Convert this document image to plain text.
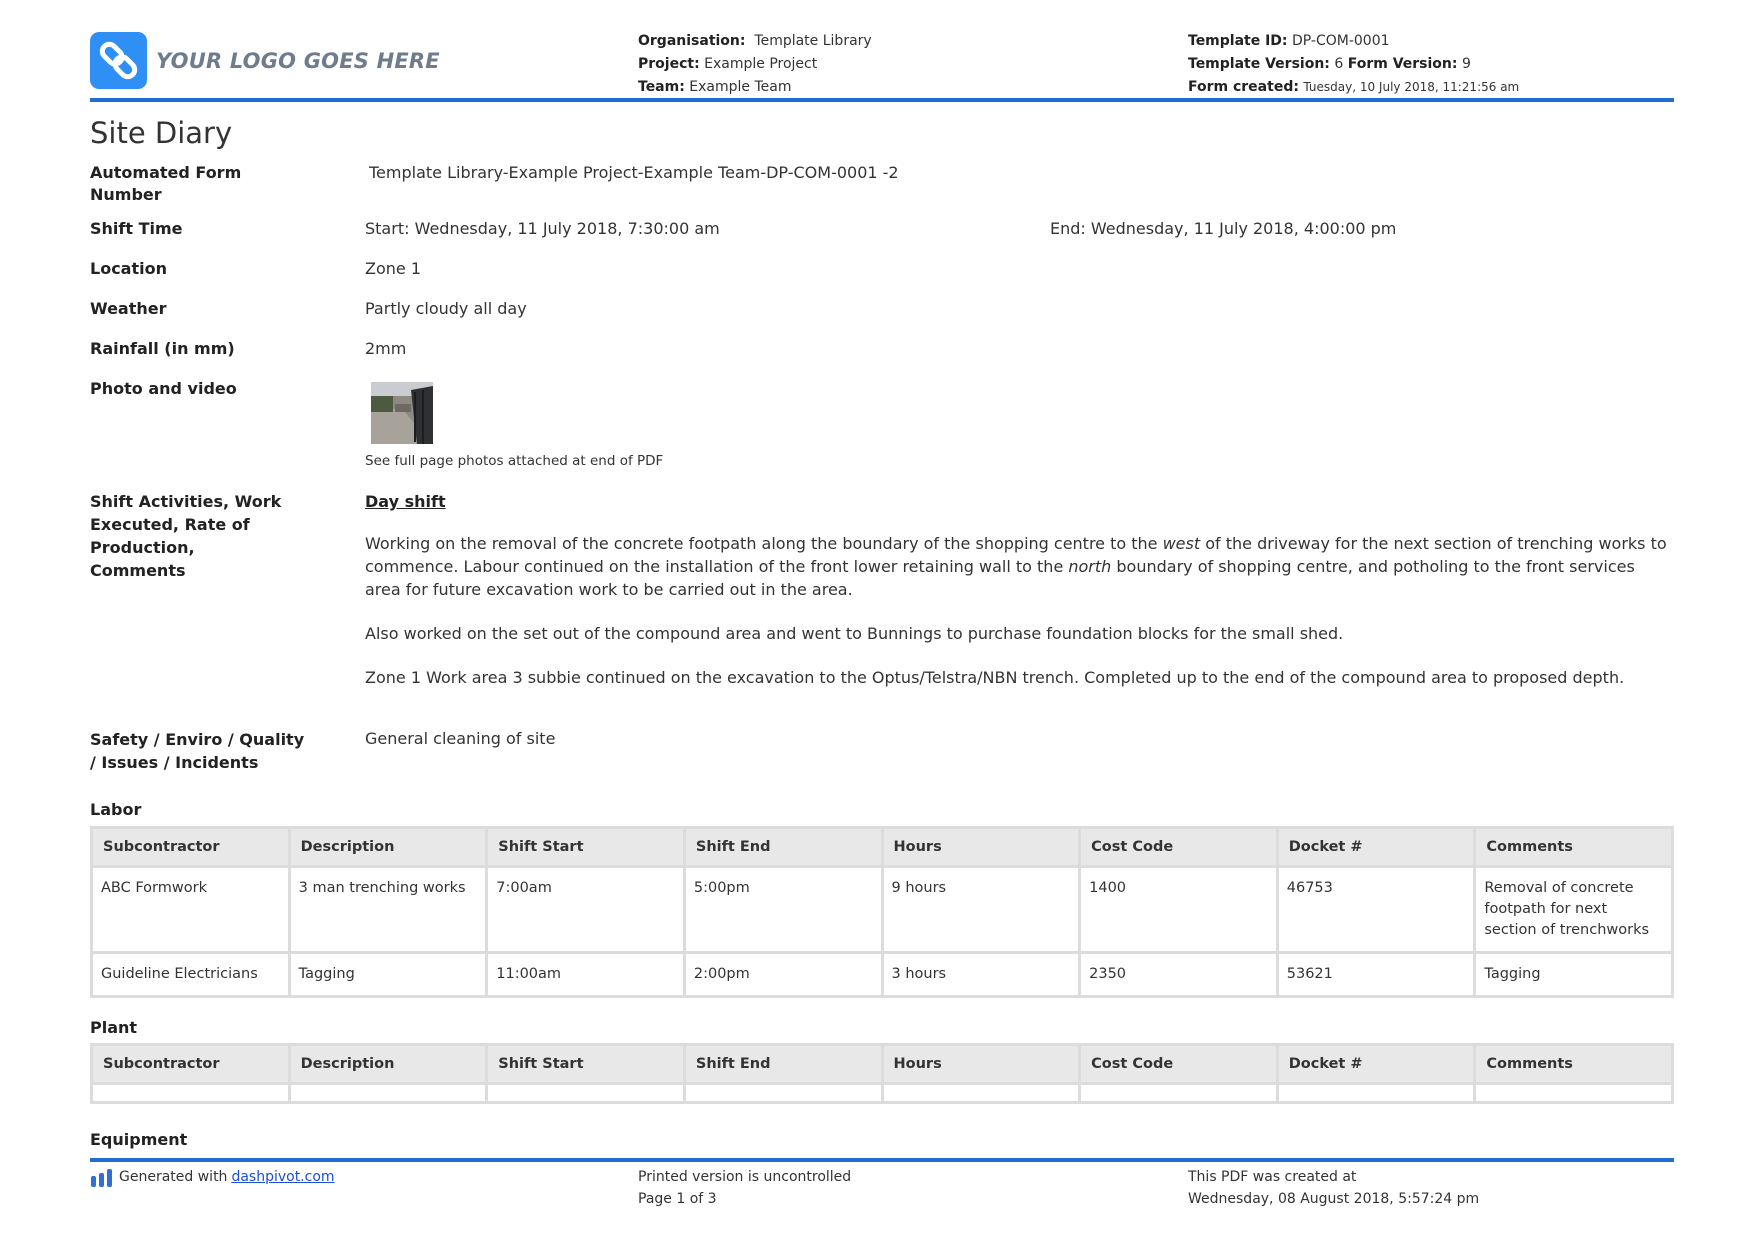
YOUR LOGO GOES HERE
Organisation: Template Library
Project: Example Project
Team: Example Team
Template ID: DP-COM-0001
Template Version: 6 Form Version: 9
Form created: Tuesday, 10 July 2018, 11:21:56 am
Site Diary
Automated Form Number
Template Library-Example Project-Example Team-DP-COM-0001 -2
Shift Time	Start: Wednesday, 11 July 2018, 7:30:00 am	End: Wednesday, 11 July 2018, 4:00:00 pm
Location	Zone 1
Weather	Partly cloudy all day
Rainfall (in mm)	2mm
Photo and video
See full page photos attached at end of PDF
Shift Activities, Work Executed, Rate of Production, Comments
Day shift

Working on the removal of the concrete footpath along the boundary of the shopping centre to the west of the driveway for the next section of trenching works to commence. Labour continued on the installation of the front lower retaining wall to the north boundary of shopping centre, and potholing to the front services area for future excavation work to be carried out in the area.

Also worked on the set out of the compound area and went to Bunnings to purchase foundation blocks for the small shed.

Zone 1 Work area 3 subbie continued on the excavation to the Optus/Telstra/NBN trench. Completed up to the end of the compound area to proposed depth.

Safety / Enviro / Quality / Issues / Incidents
General cleaning of site
Labor
Subcontractor	Description	Shift Start	Shift End	Hours	Cost Code	Docket #	Comments
ABC Formwork	3 man trenching works	7:00am	5:00pm	9 hours	1400	46753	Removal of concrete footpath for next section of trenchworks
Guideline Electricians	Tagging	11:00am	2:00pm	3 hours	2350	53621	Tagging
Plant
Subcontractor	Description	Shift Start	Shift End	Hours	Cost Code	Docket #	Comments

Equipment
Generated with dashpivot.com	Printed version is uncontrolled
Page 1 of 3
This PDF was created at
Wednesday, 08 August 2018, 5:57:24 pm
